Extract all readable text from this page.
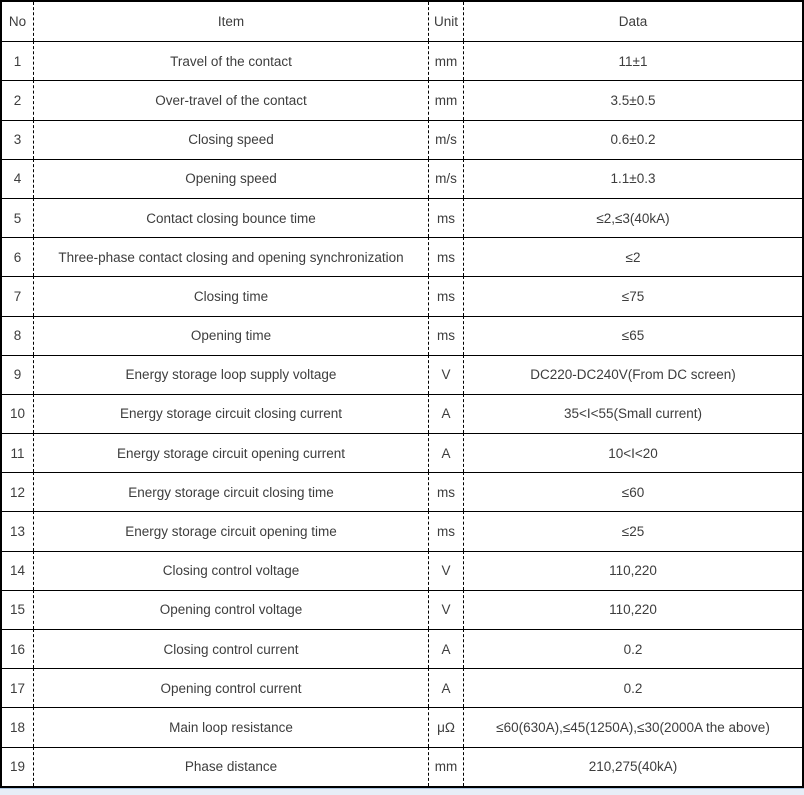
No	Item	Unit	Data
1	Travel of the contact	mm	11±1
2	Over-travel of the contact	mm	3.5±0.5
3	Closing speed	m/s	0.6±0.2
4	Opening speed	m/s	1.1±0.3
5	Contact closing bounce time	ms	≤2,≤3(40kA)
6	Three-phase contact closing and opening synchronization	ms	≤2
7	Closing time	ms	≤75
8	Opening time	ms	≤65
9	Energy storage loop supply voltage	V	DC220-DC240V(From DC screen)
10	Energy storage circuit closing current	A	35<I<55(Small current)
11	Energy storage circuit opening current	A	10<I<20
12	Energy storage circuit closing time	ms	≤60
13	Energy storage circuit opening time	ms	≤25
14	Closing control voltage	V	110,220
15	Opening control voltage	V	110,220
16	Closing control current	A	0.2
17	Opening control current	A	0.2
18	Main loop resistance	μΩ	≤60(630A),≤45(1250A),≤30(2000A the above)
19	Phase distance	mm	210,275(40kA)
